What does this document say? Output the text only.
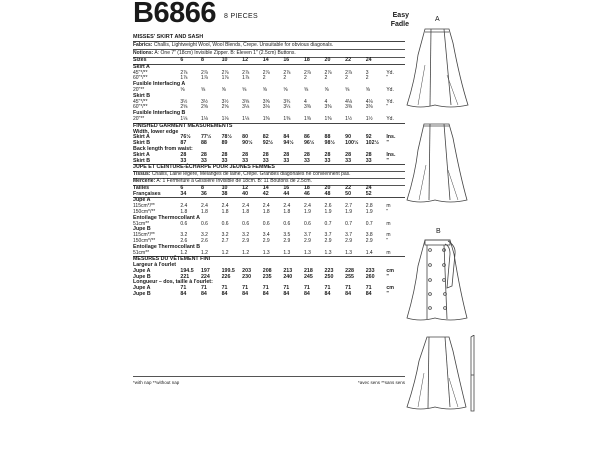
B6866 8 PIECES	Easy
Fadle
MISSES' SKIRT AND SASH
Fabrics: Challis, Lightweight Wool, Wool Blends, Crepe. Unsuitable for obvious diagonals.
Notions: A: One 7" (18cm) Invisible Zipper. B: Eleven 1" (2.5cm) Buttons.
Sizes	6	8	10	12	14	16	18	20	22	24	
Skirt A											
45"*/**	2⅞	2⅞	2⅞	2⅞	2⅞	2⅞	2⅞	2⅞	2⅞	3	Yd.
60"*/**	1⅞	1⅞	1⅞	1⅞	2	2	2	2	2	2	"
Fusible Interfacing A											
20"**	⅝	⅝	⅝	⅝	⅝	⅝	⅝	⅝	⅝	⅝	Yd.
Skirt B											
45"*/**	3½	3½	3½	3⅝	3⅝	3¾	4	4	4⅛	4⅛	Yd.
60"*/**	2⅝	2⅝	2⅝	3⅛	3⅛	3¼	3⅜	3⅜	3⅜	3⅜	"
Fusible Interfacing B											
20"**	1⅛	1⅛	1⅛	1⅛	1⅜	1⅜	1⅜	1⅜	1½	1½	Yd.
FINISHED GARMENT MEASUREMENTS											
Width, lower edge											
Skirt A	76½	77½	78½	80	82	84	86	88	90	92	Ins.
Skirt B	87	88	89	90½	92½	94½	96½	98½	100½	102½	"
Back length from waist:											
Skirt A	28	28	28	28	28	28	28	28	28	28	Ins.
Skirt B	33	33	33	33	33	33	33	33	33	33	"
JUPE ET CEINTURE-ÉCHARPE POUR JEUNES FEMMES											
Tissus: Challis, Laine légère, Mélanges de laine, Crêpe. Grandes diagonales ne conviennent pas.											
Mercerie: A: 1 Fermeture à Glissière Invisible de 18cm. B: 11 Boutons de 2.5cm.											
Tailles	6	8	10	12	14	16	18	20	22	24	
Françaises	34	36	38	40	42	44	46	48	50	52	
Jupe A											
115cm*/**	2.4	2.4	2.4	2.4	2.4	2.4	2.4	2.6	2.7	2.8	m
150cm*/**	1.8	1.8	1.8	1.8	1.8	1.8	1.9	1.9	1.9	1.9	"
Entoilage Thermocollant A											
51cm**	0.6	0.6	0.6	0.6	0.6	0.6	0.6	0.7	0.7	0.7	m
Jupe B											
115cm*/**	3.2	3.2	3.2	3.2	3.4	3.5	3.7	3.7	3.7	3.8	m
150cm*/**	2.6	2.6	2.7	2.9	2.9	2.9	2.9	2.9	2.9	2.9	"
Entoilage Thermocollant B											
51cm**	1.2	1.2	1.2	1.2	1.3	1.3	1.3	1.3	1.3	1.4	m
MESURES DU VÊTEMENT FINI											
Largeur à l'ourlet											
Jupe A	194.5	197	199.5	203	208	213	218	223	228	233	cm
Jupe B	221	224	226	230	235	240	245	250	255	260	"
Longueur – dos, taille à l'ourlet:											
Jupe A	71	71	71	71	71	71	71	71	71	71	cm
Jupe B	84	84	84	84	84	84	84	84	84	84	"
*with nap **without nap	*avec sens **sans sens
A
B
